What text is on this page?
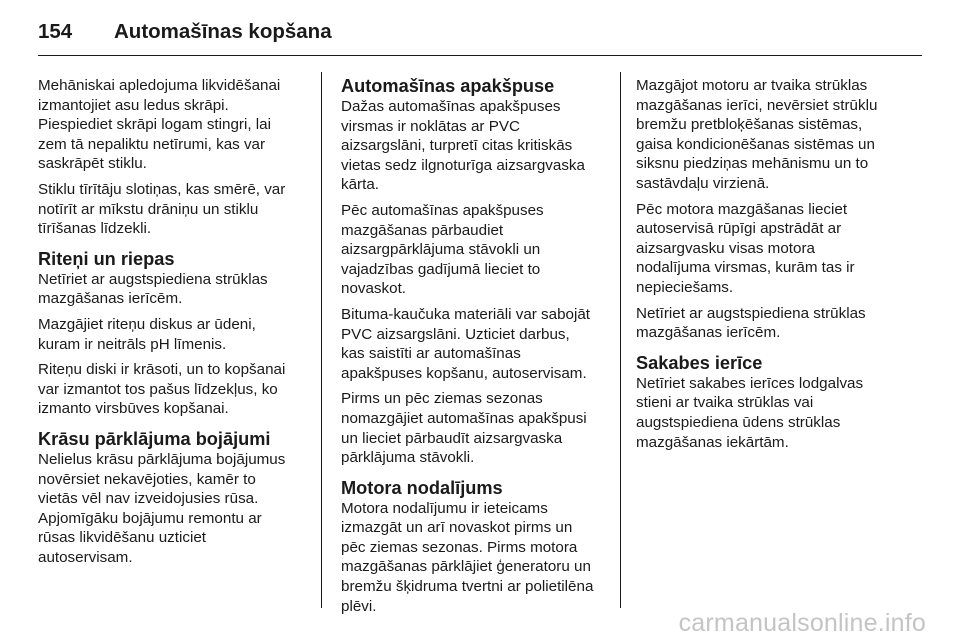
154	Automašīnas kopšana

Mehāniskai apledojuma likvidēšanai
izmantojiet asu ledus skrāpi.
Piespiediet skrāpi logam stingri, lai
zem tā nepaliktu netīrumi, kas var
saskrāpēt stiklu.

Stiklu tīrītāju slotiņas, kas smērē, var
notīrīt ar mīkstu drāniņu un stiklu
tīrīšanas līdzekli.

Riteņi un riepas

Netīriet ar augstspiediena strūklas
mazgāšanas ierīcēm.

Mazgājiet riteņu diskus ar ūdeni,
kuram ir neitrāls pH līmenis.

Riteņu diski ir krāsoti, un to kopšanai
var izmantot tos pašus līdzekļus, ko
izmanto virsbūves kopšanai.

Krāsu pārklājuma bojājumi

Nelielus krāsu pārklājuma bojājumus
novērsiet nekavējoties, kamēr to
vietās vēl nav izveidojusies rūsa.
Apjomīgāku bojājumu remontu ar
rūsas likvidēšanu uzticiet
autoservisam.

Automašīnas apakšpuse

Dažas automašīnas apakšpuses
virsmas ir noklātas ar PVC
aizsargslāni, turpretī citas kritiskās
vietas sedz ilgnoturīga aizsargvaska
kārta.

Pēc automašīnas apakšpuses
mazgāšanas pārbaudiet
aizsargpārklājuma stāvokli un
vajadzības gadījumā lieciet to
novaskot.

Bituma-kaučuka materiāli var sabojāt
PVC aizsargslāni. Uzticiet darbus,
kas saistīti ar automašīnas
apakšpuses kopšanu, autoservisam.

Pirms un pēc ziemas sezonas
nomazgājiet automašīnas apakšpusi
un lieciet pārbaudīt aizsargvaska
pārklājuma stāvokli.

Motora nodalījums

Motora nodalījumu ir ieteicams
izmazgāt un arī novaskot pirms un
pēc ziemas sezonas. Pirms motora
mazgāšanas pārklājiet ģeneratoru un
bremžu šķidruma tvertni ar polietilēna
plēvi.

Mazgājot motoru ar tvaika strūklas
mazgāšanas ierīci, nevērsiet strūklu
bremžu pretbloķēšanas sistēmas,
gaisa kondicionēšanas sistēmas un
siksnu piedziņas mehānismu un to
sastāvdaļu virzienā.

Pēc motora mazgāšanas lieciet
autoservisā rūpīgi apstrādāt ar
aizsargvasku visas motora
nodalījuma virsmas, kurām tas ir
nepieciešams.

Netīriet ar augstspiediena strūklas
mazgāšanas ierīcēm.

Sakabes ierīce

Netīriet sakabes ierīces lodgalvas
stieni ar tvaika strūklas vai
augstspiediena ūdens strūklas
mazgāšanas iekārtām.

carmanualsonline.info
